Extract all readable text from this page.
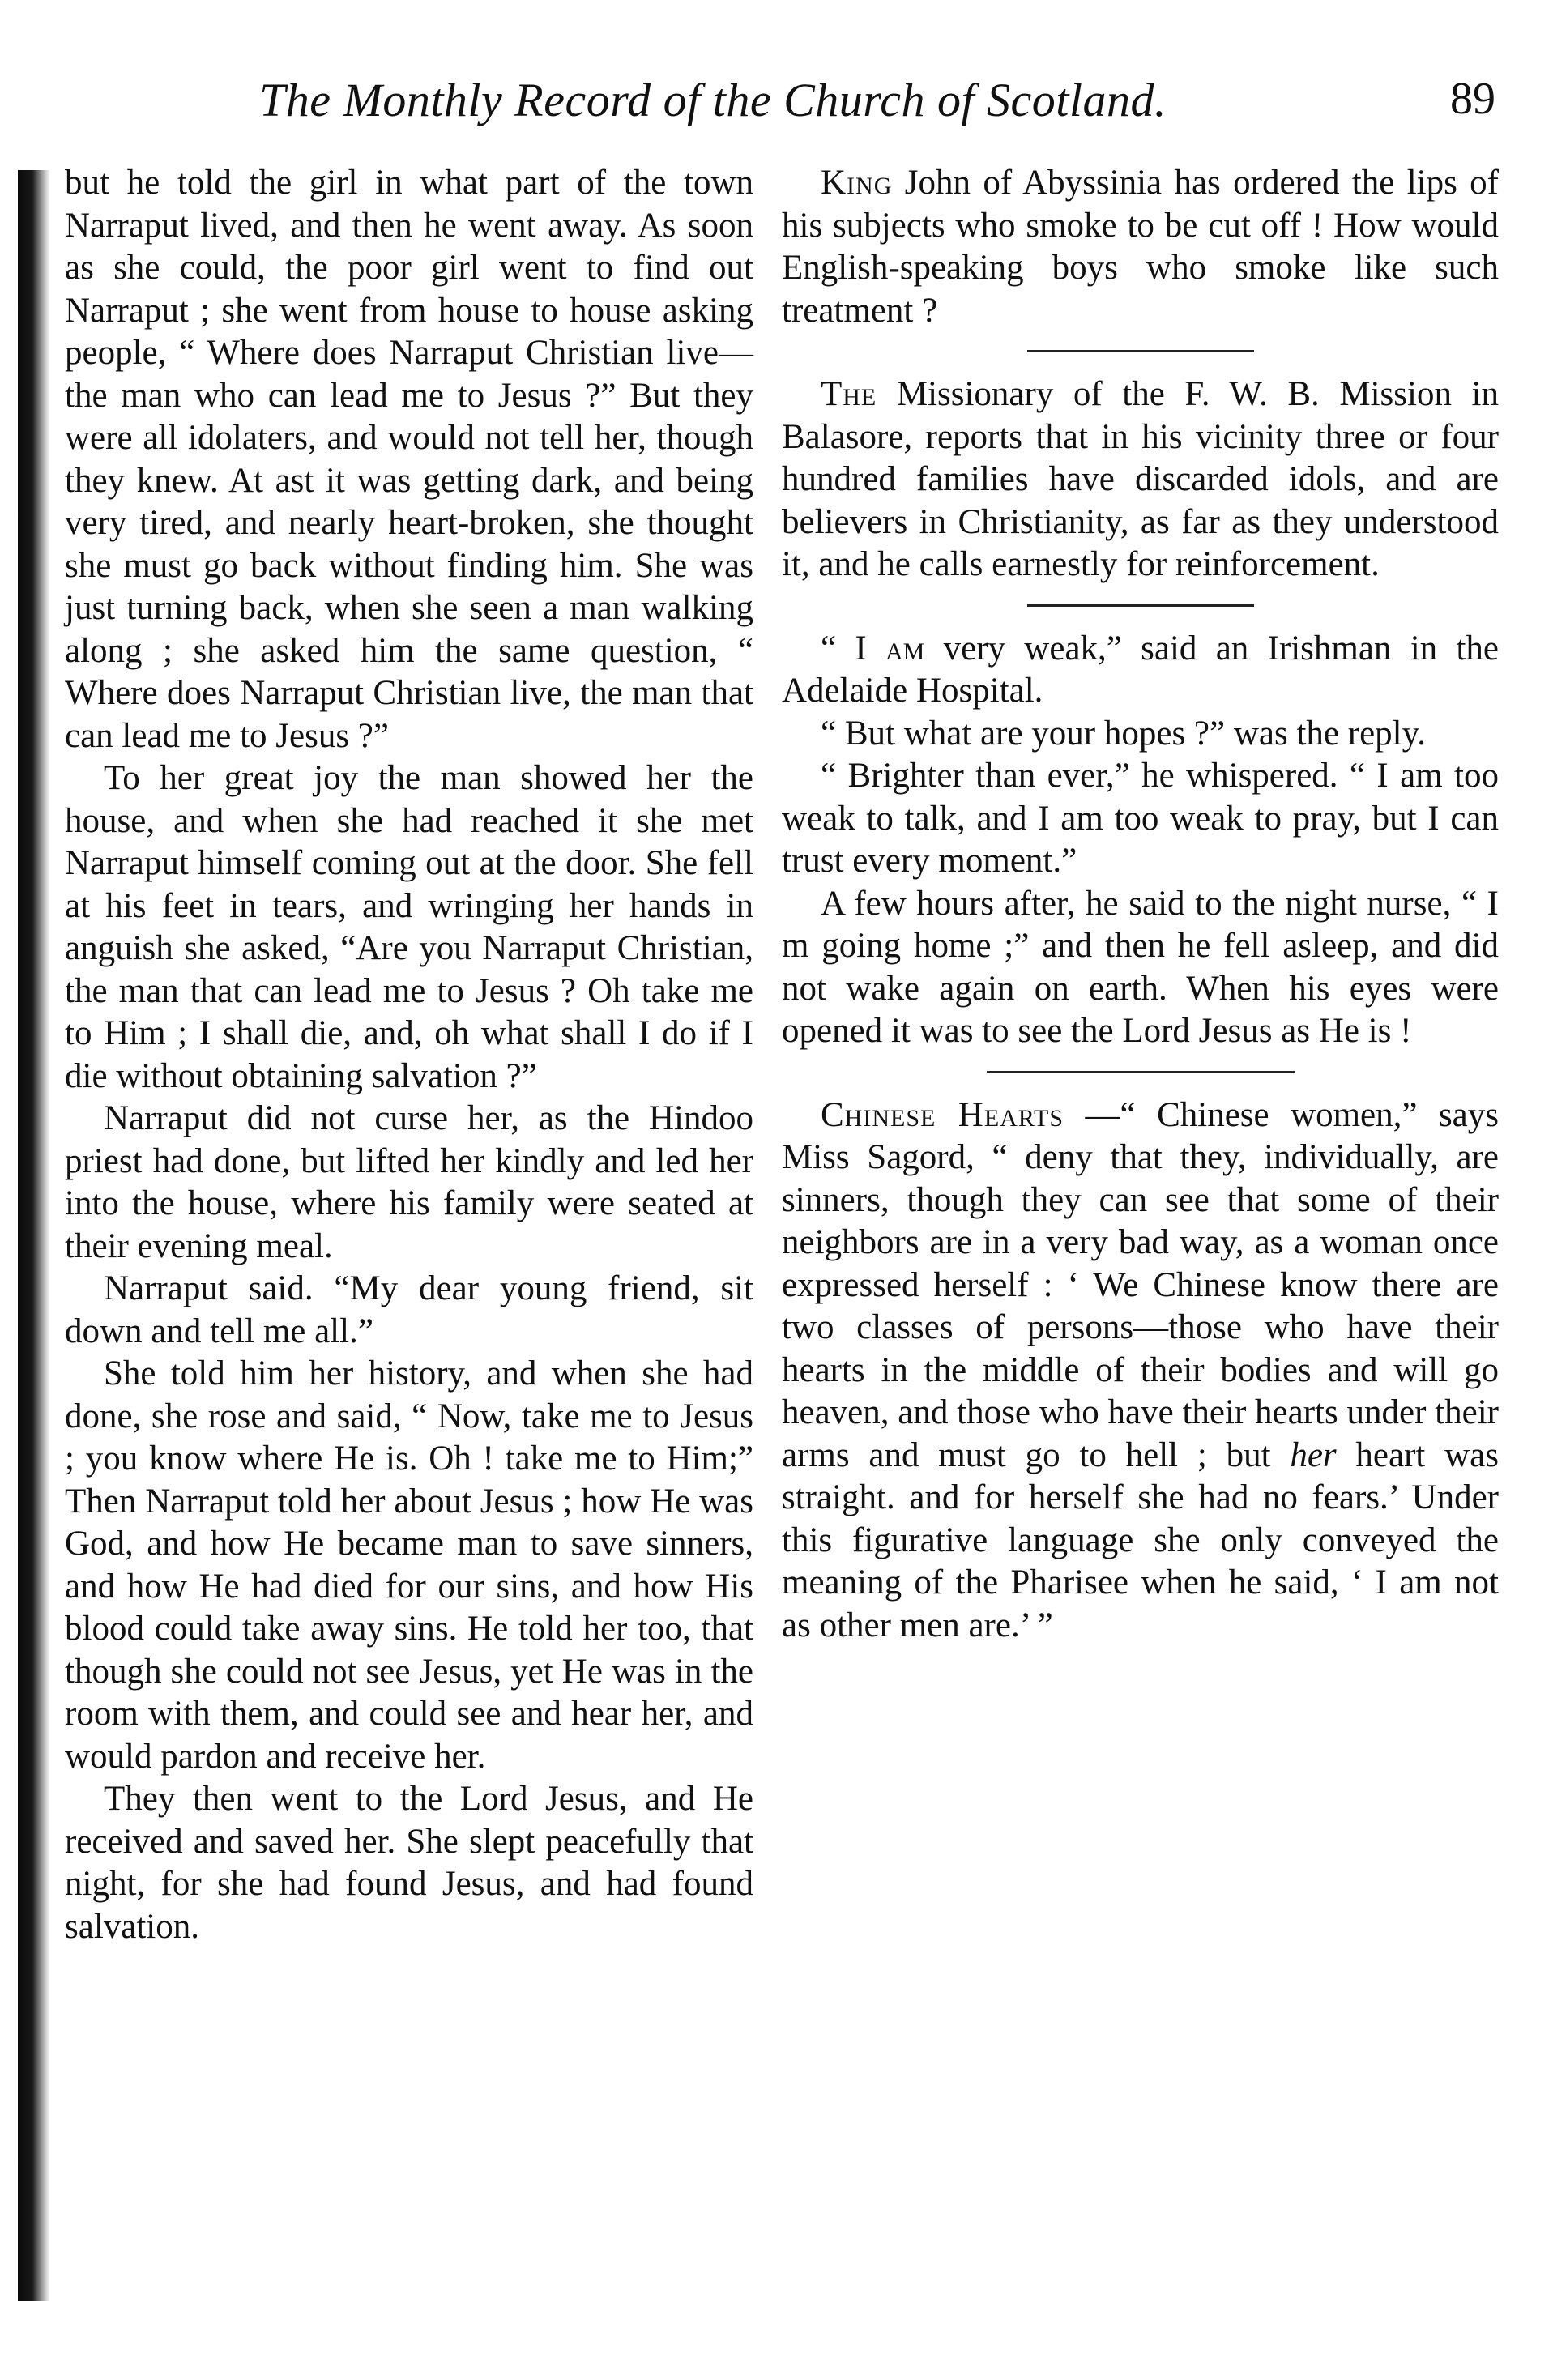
The Monthly Record of the Church of Scotland.	89

but he told the girl in what part of the town Narraput lived, and then he went away. As soon as she could, the poor girl went to find out Narraput ; she went from house to house asking people, “ Where does Narraput Christian live—the man who can lead me to Jesus ?” But they were all idolaters, and would not tell her, though they knew. At ast it was getting dark, and being very tired, and nearly heart-broken, she thought she must go back without finding him. She was just turning back, when she seen a man walking along ; she asked him the same question, “ Where does Narraput Christian live, the man that can lead me to Jesus ?”

To her great joy the man showed her the house, and when she had reached it she met Narraput himself coming out at the door. She fell at his feet in tears, and wringing her hands in anguish she asked, “Are you Narraput Christian, the man that can lead me to Jesus ? Oh take me to Him ; I shall die, and, oh what shall I do if I die without obtaining salvation ?”

Narraput did not curse her, as the Hindoo priest had done, but lifted her kindly and led her into the house, where his family were seated at their evening meal.

Narraput said. “My dear young friend, sit down and tell me all.”

She told him her history, and when she had done, she rose and said, “ Now, take me to Jesus ; you know where He is. Oh ! take me to Him;” Then Narraput told her about Jesus ; how He was God, and how He became man to save sinners, and how He had died for our sins, and how His blood could take away sins. He told her too, that though she could not see Jesus, yet He was in the room with them, and could see and hear her, and would pardon and receive her.

They then went to the Lord Jesus, and He received and saved her. She slept peacefully that night, for she had found Jesus, and had found salvation.

King John of Abyssinia has ordered the lips of his subjects who smoke to be cut off ! How would English-speaking boys who smoke like such treatment ?

The Missionary of the F. W. B. Mission in Balasore, reports that in his vicinity three or four hundred families have discarded idols, and are believers in Christianity, as far as they understood it, and he calls earnestly for reinforcement.

“ I am very weak,” said an Irishman in the Adelaide Hospital.

“ But what are your hopes ?” was the reply.

“ Brighter than ever,” he whispered. “ I am too weak to talk, and I am too weak to pray, but I can trust every moment.”

A few hours after, he said to the night nurse, “ I m going home ;” and then he fell asleep, and did not wake again on earth. When his eyes were opened it was to see the Lord Jesus as He is !

Chinese Hearts —“ Chinese women,” says Miss Sagord, “ deny that they, individually, are sinners, though they can see that some of their neighbors are in a very bad way, as a woman once expressed herself : ‘ We Chinese know there are two classes of persons—those who have their hearts in the middle of their bodies and will go heaven, and those who have their hearts under their arms and must go to hell ; but her heart was straight. and for herself she had no fears.’ Under this figurative language she only conveyed the meaning of the Pharisee when he said, ‘ I am not as other men are.’ ”
